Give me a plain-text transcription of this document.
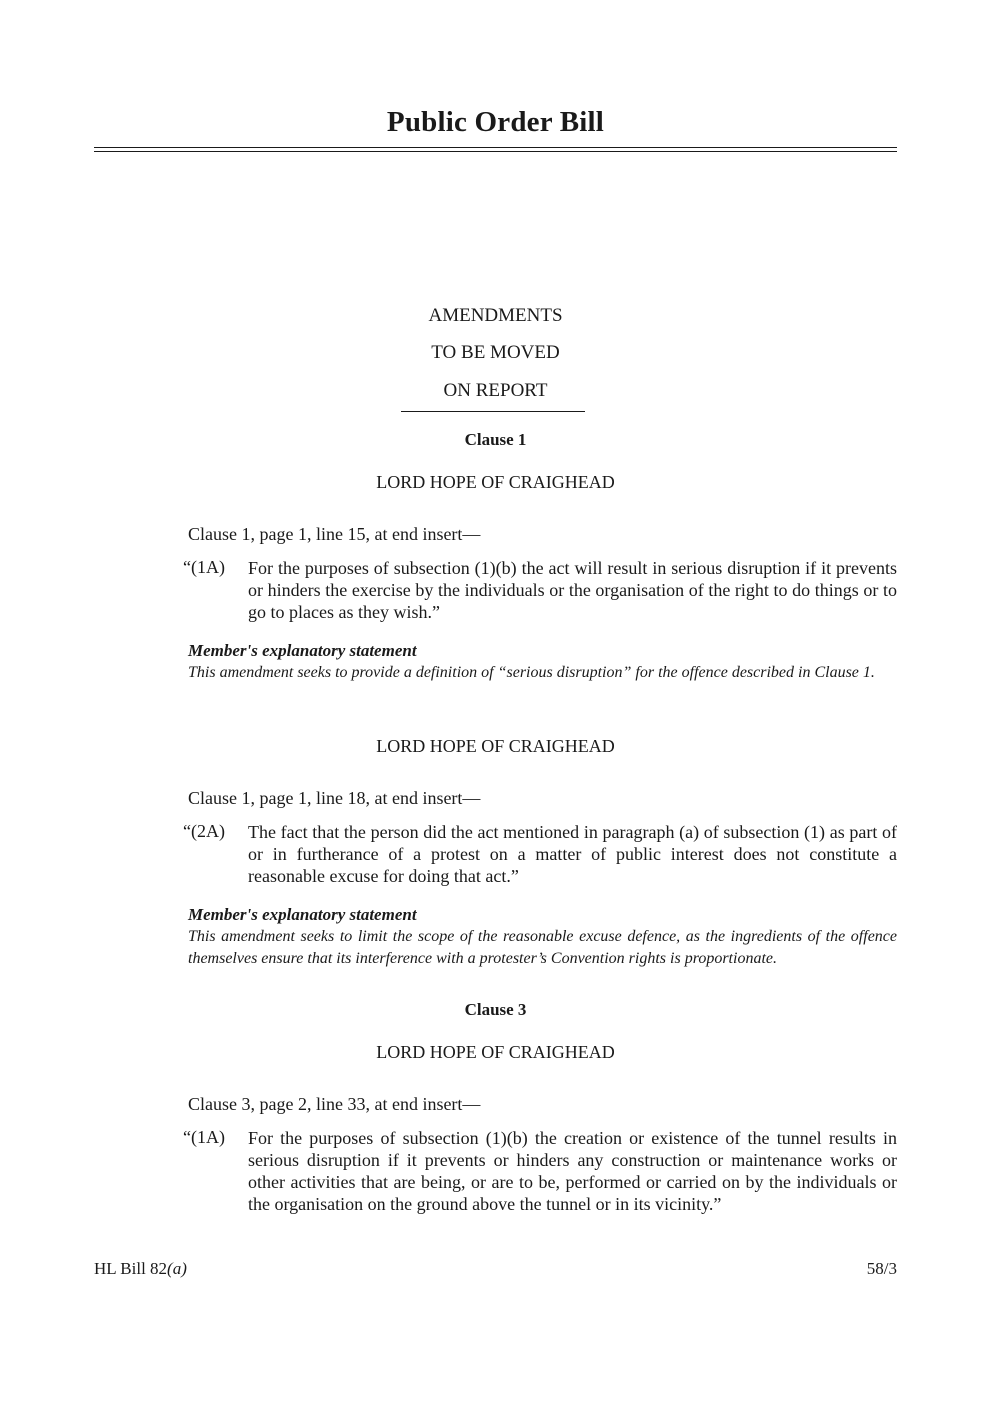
Public Order Bill
AMENDMENTS
TO BE MOVED
ON REPORT
Clause 1
LORD HOPE OF CRAIGHEAD
Clause 1, page 1, line 15, at end insert—
“(1A) For the purposes of subsection (1)(b) the act will result in serious disruption if it prevents or hinders the exercise by the individuals or the organisation of the right to do things or to go to places as they wish.”
Member's explanatory statement
This amendment seeks to provide a definition of “serious disruption” for the offence described in Clause 1.
LORD HOPE OF CRAIGHEAD
Clause 1, page 1, line 18, at end insert—
“(2A) The fact that the person did the act mentioned in paragraph (a) of subsection (1) as part of or in furtherance of a protest on a matter of public interest does not constitute a reasonable excuse for doing that act.”
Member's explanatory statement
This amendment seeks to limit the scope of the reasonable excuse defence, as the ingredients of the offence themselves ensure that its interference with a protester’s Convention rights is proportionate.
Clause 3
LORD HOPE OF CRAIGHEAD
Clause 3, page 2, line 33, at end insert—
“(1A) For the purposes of subsection (1)(b) the creation or existence of the tunnel results in serious disruption if it prevents or hinders any construction or maintenance works or other activities that are being, or are to be, performed or carried on by the individuals or the organisation on the ground above the tunnel or in its vicinity.”
HL Bill 82(a)	58/3
